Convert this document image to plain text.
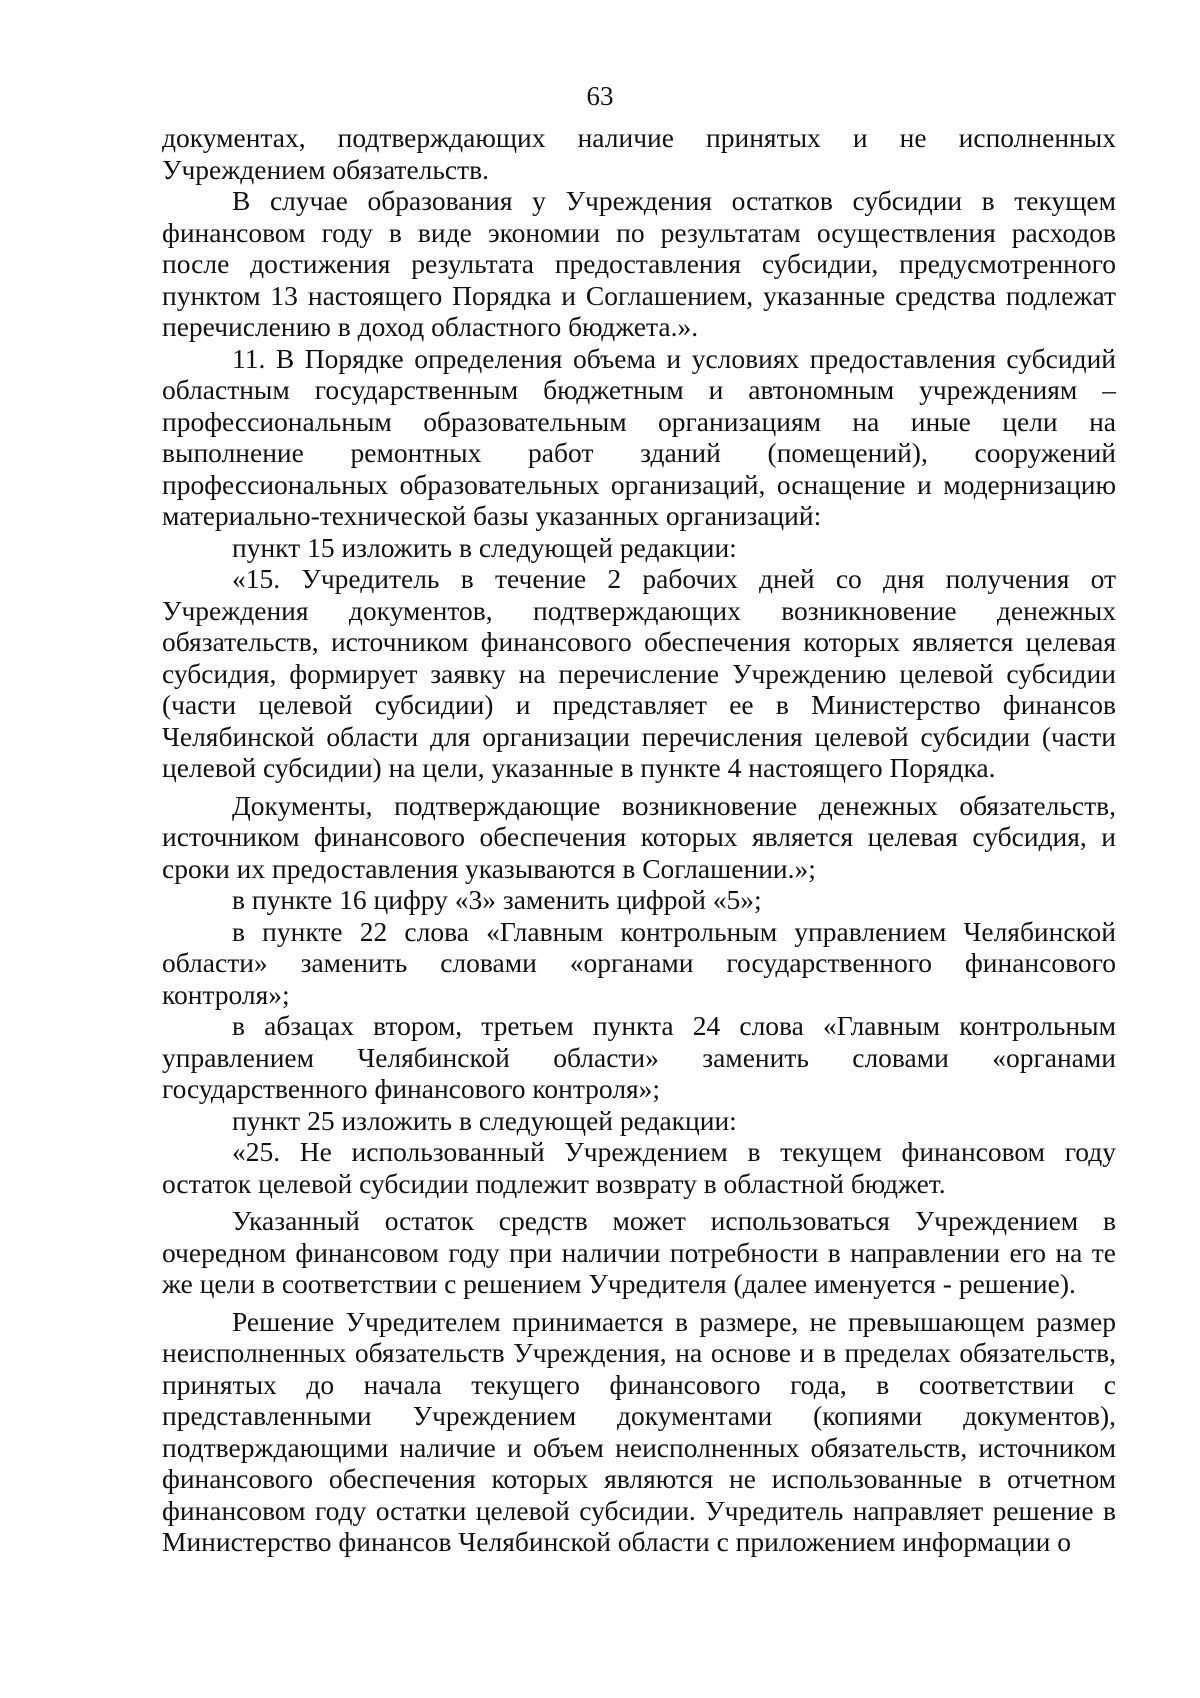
63

документах, подтверждающих наличие принятых и не исполненных Учреждением обязательств.

В случае образования у Учреждения остатков субсидии в текущем финансовом году в виде экономии по результатам осуществления расходов после достижения результата предоставления субсидии, предусмотренного пунктом 13 настоящего Порядка и Соглашением, указанные средства подлежат перечислению в доход областного бюджета.».

11. В Порядке определения объема и условиях предоставления субсидий областным государственным бюджетным и автономным учреждениям – профессиональным образовательным организациям на иные цели на выполнение ремонтных работ зданий (помещений), сооружений профессиональных образовательных организаций, оснащение и модернизацию материально-технической базы указанных организаций:

пункт 15 изложить в следующей редакции:

«15. Учредитель в течение 2 рабочих дней со дня получения от Учреждения документов, подтверждающих возникновение денежных обязательств, источником финансового обеспечения которых является целевая субсидия, формирует заявку на перечисление Учреждению целевой субсидии (части целевой субсидии) и представляет ее в Министерство финансов Челябинской области для организации перечисления целевой субсидии (части целевой субсидии) на цели, указанные в пункте 4 настоящего Порядка.

Документы, подтверждающие возникновение денежных обязательств, источником финансового обеспечения которых является целевая субсидия, и сроки их предоставления указываются в Соглашении.»;

в пункте 16 цифру «3» заменить цифрой «5»;

в пункте 22 слова «Главным контрольным управлением Челябинской области» заменить словами «органами государственного финансового контроля»;

в абзацах втором, третьем пункта 24 слова «Главным контрольным управлением Челябинской области» заменить словами «органами государственного финансового контроля»;

пункт 25 изложить в следующей редакции:

«25. Не использованный Учреждением в текущем финансовом году остаток целевой субсидии подлежит возврату в областной бюджет.

Указанный остаток средств может использоваться Учреждением в очередном финансовом году при наличии потребности в направлении его на те же цели в соответствии с решением Учредителя (далее именуется - решение).

Решение Учредителем принимается в размере, не превышающем размер неисполненных обязательств Учреждения, на основе и в пределах обязательств, принятых до начала текущего финансового года, в соответствии с представленными Учреждением документами (копиями документов), подтверждающими наличие и объем неисполненных обязательств, источником финансового обеспечения которых являются не использованные в отчетном финансовом году остатки целевой субсидии. Учредитель направляет решение в Министерство финансов Челябинской области с приложением информации о
